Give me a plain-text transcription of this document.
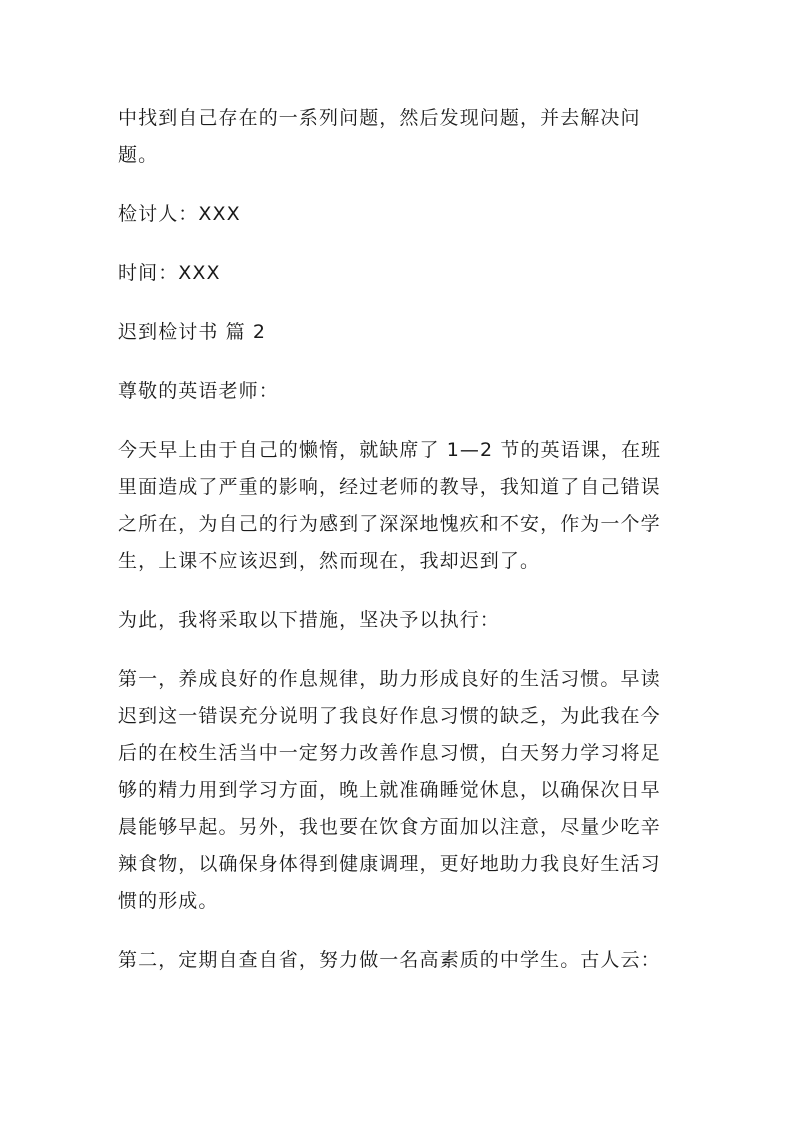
中找到自己存在的一系列问题，然后发现问题，并去解决问题。

检讨人：XXX

时间：XXX

迟到检讨书 篇 2

尊敬的英语老师：

今天早上由于自己的懒惰，就缺席了 1—2 节的英语课，在班里面造成了严重的影响，经过老师的教导，我知道了自己错误之所在，为自己的行为感到了深深地愧疚和不安，作为一个学生，上课不应该迟到，然而现在，我却迟到了。

为此，我将采取以下措施，坚决予以执行：

第一，养成良好的作息规律，助力形成良好的生活习惯。早读迟到这一错误充分说明了我良好作息习惯的缺乏，为此我在今后的在校生活当中一定努力改善作息习惯，白天努力学习将足够的精力用到学习方面，晚上就准确睡觉休息，以确保次日早晨能够早起。另外，我也要在饮食方面加以注意，尽量少吃辛辣食物，以确保身体得到健康调理，更好地助力我良好生活习惯的形成。

第二，定期自查自省，努力做一名高素质的中学生。古人云：
